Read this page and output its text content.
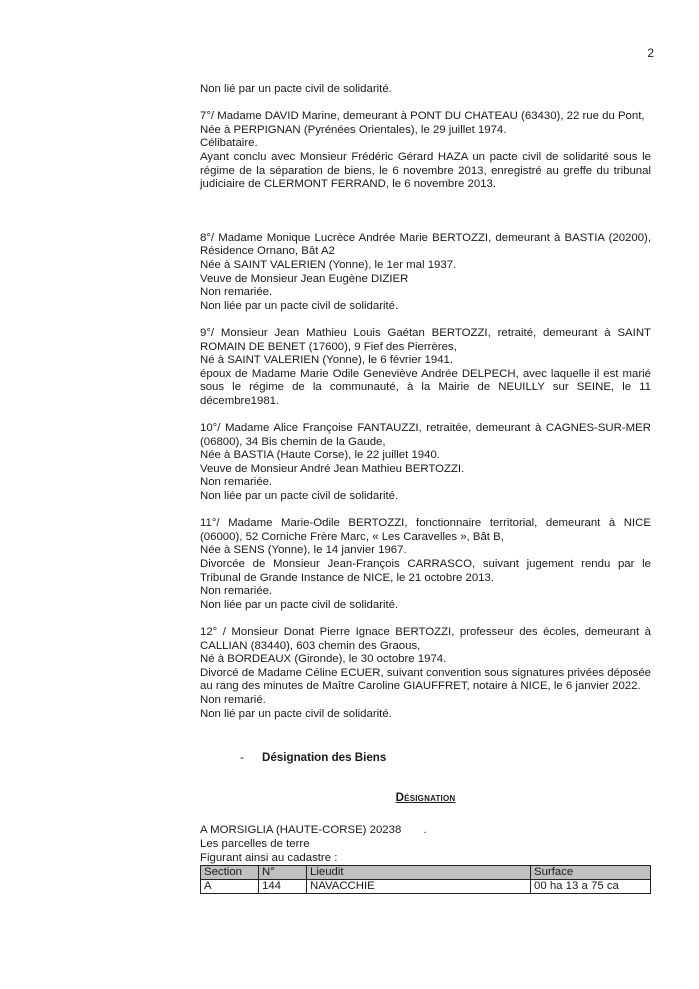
2

Non lié par un pacte civil de solidarité.

7°/ Madame DAVID Marine, demeurant à PONT DU CHATEAU (63430), 22 rue du Pont,

Née à PERPIGNAN (Pyrénées Orientales), le 29 juillet 1974.

Célibataire.

Ayant conclu avec Monsieur Frédéric Gérard HAZA un pacte civil de solidarité sous le régime de la séparation de biens, le 6 novembre 2013, enregistré au greffe du tribunal judiciaire de CLERMONT FERRAND, le 6 novembre 2013.

8°/ Madame Monique Lucrèce Andrée Marie BERTOZZI, demeurant à BASTIA (20200), Résidence Ornano, Bât A2

Née à SAINT VALERIEN (Yonne), le 1er mal 1937.

Veuve de Monsieur Jean Eugène DIZIER

Non remariée.

Non liée par un pacte civil de solidarité.

9°/ Monsieur Jean Mathieu Louis Gaétan BERTOZZI, retraité, demeurant à SAINT ROMAIN DE BENET (17600), 9 Fief des Pierrères,

Né à SAINT VALERIEN (Yonne), le 6 février 1941.

époux de Madame Marie Odile Geneviève Andrée DELPECH, avec laquelle il est marié sous le régime de la communauté, à la Mairie de NEUILLY sur SEINE, le 11 décembre1981.

10°/ Madame Alice Françoise FANTAUZZI, retraitée, demeurant à CAGNES-SUR-MER (06800), 34 Bis chemin de la Gaude,

Née à BASTIA (Haute Corse), le 22 juillet 1940.

Veuve de Monsieur André Jean Mathieu BERTOZZI.

Non remariée.

Non liée par un pacte civil de solidarité.

11°/ Madame Marie-Odile BERTOZZI, fonctionnaire territorial, demeurant à NICE (06000), 52 Corniche Frère Marc, « Les Caravelles », Bât B,

Née à SENS (Yonne), le 14 janvier 1967.

Divorcée de Monsieur Jean-François CARRASCO, suivant jugement rendu par le Tribunal de Grande Instance de NICE, le 21 octobre 2013.

Non remariée.

Non liée par un pacte civil de solidarité.

12° / Monsieur Donat Pierre Ignace BERTOZZI, professeur des écoles, demeurant à CALLIAN (83440), 603 chemin des Graous,

Né à BORDEAUX (Gironde), le 30 octobre 1974.

Divorcé de Madame Céline ECUER, suivant convention sous signatures privées déposée au rang des minutes de Maître Caroline GIAUFFRET, notaire à NICE, le 6 janvier 2022.

Non remarié.

Non lié par un pacte civil de solidarité.

- Désignation des Biens
Désignation

A MORSIGLIA (HAUTE-CORSE) 20238       .

Les parcelles de terre

Figurant ainsi au cadastre :

Section	N°	Lieudit	Surface
A	144	NAVACCHIE	00 ha 13 a 75 ca
